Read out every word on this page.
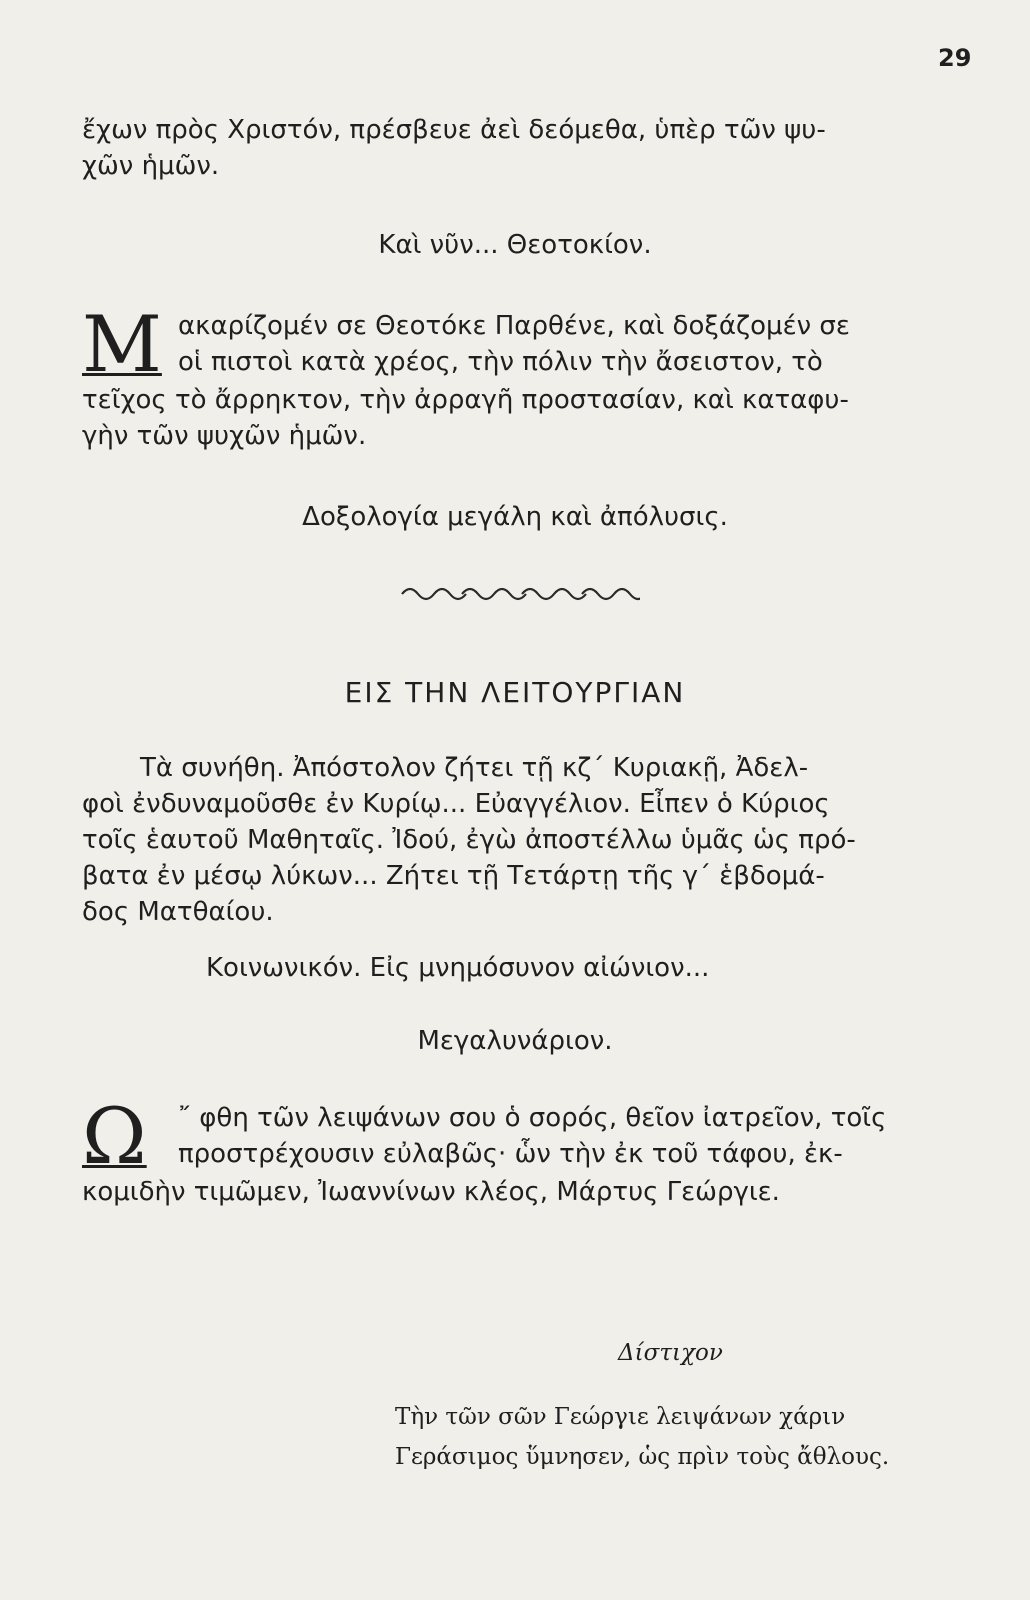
29

ἔχων πρὸς Χριστόν, πρέσβευε ἀεὶ δεόμεθα, ὑπὲρ τῶν ψυ-
χῶν ἡμῶν.

Καὶ νῦν... Θεοτοκίον.

Μ ακαρίζομέν σε Θεοτόκε Παρθένε, καὶ δοξάζομέν σε
οἱ πιστοὶ κατὰ χρέος, τὴν πόλιν τὴν ἄσειστον, τὸ
τεῖχος τὸ ἄρρηκτον, τὴν ἀρραγῆ προστασίαν, καὶ καταφυ-
γὴν τῶν ψυχῶν ἡμῶν.

Δοξολογία μεγάλη καὶ ἀπόλυσις.

ΕΙΣ ΤΗΝ ΛΕΙΤΟΥΡΓΙΑΝ

Τὰ συνήθη. Ἀπόστολον ζήτει τῇ κζ΄ Κυριακῇ, Ἀδελ-
φοὶ ἐνδυναμοῦσθε ἐν Κυρίῳ... Εὐαγγέλιον. Εἶπεν ὁ Κύριος
τοῖς ἑαυτοῦ Μαθηταῖς. Ἰδού, ἐγὼ ἀποστέλλω ὑμᾶς ὡς πρό-
βατα ἐν μέσῳ λύκων... Ζήτει τῇ Τετάρτῃ τῆς γ΄ ἑβδομά-
δος Ματθαίου.

Κοινωνικόν. Εἰς μνημόσυνον αἰώνιον...

Μεγαλυνάριον.

Ω	῎ φθη τῶν λειψάνων σου ὁ σορός, θεῖον ἰατρεῖον, τοῖς
προστρέχουσιν εὐλαβῶς· ὧν τὴν ἐκ τοῦ τάφου, ἐκ-
κομιδὴν τιμῶμεν, Ἰωαννίνων κλέος, Μάρτυς Γεώργιε.
Δίστιχον
Τὴν τῶν σῶν Γεώργιε λειψάνων χάριν
Γεράσιμος ὕμνησεν, ὡς πρὶν τοὺς ἄθλους.
